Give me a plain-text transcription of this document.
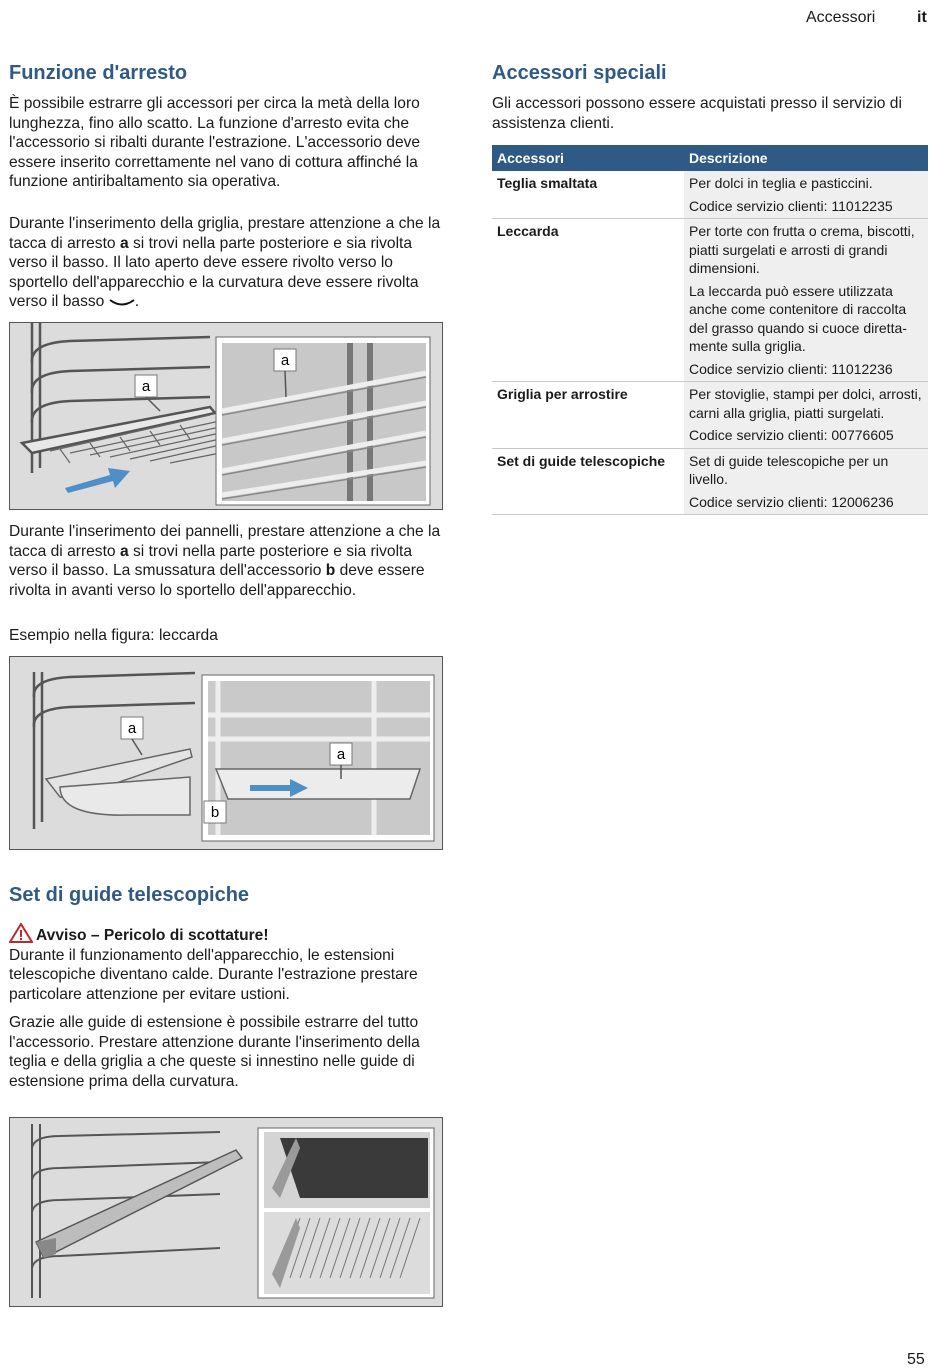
Accessori	it
Funzione d'arresto

È possibile estrarre gli accessori per circa la metà della loro lunghezza, fino allo scatto. La funzione d'arresto evita che l'accessorio si ribalti durante l'estrazione. L'accessorio deve essere inserito correttamente nel vano di cottura affinché la funzione antiribaltamento sia operativa.

Durante l'inserimento della griglia, prestare attenzione a che la tacca di arresto a si trovi nella parte posteriore e sia rivolta verso il basso. Il lato aperto deve essere rivolto verso lo sportello dell'apparecchio e la curvatura deve essere rivolta verso il basso .

a
a

Durante l'inserimento dei pannelli, prestare attenzione a che la tacca di arresto a si trovi nella parte posteriore e sia rivolta verso il basso. La smussatura dell'accessorio b deve essere rivolta in avanti verso lo sportello dell'apparecchio.

Esempio nella figura: leccarda

a
a
b
Set di guide telescopiche

Avviso – Pericolo di scottature!
Durante il funzionamento dell'apparecchio, le estensioni telescopiche diventano calde. Durante l'estrazione prestare particolare attenzione per evitare ustioni.

Grazie alle guide di estensione è possibile estrarre del tutto l'accessorio. Prestare attenzione durante l'inserimento della teglia e della griglia a che queste si innestino nelle guide di estensione prima della curvatura.

Accessori speciali

Gli accessori possono essere acquistati presso il servizio di assistenza clienti.

Accessori	Descrizione
Teglia smaltata	Per dolci in teglia e pasticcini.
Codice servizio clienti: 11012235

Leccarda	Per torte con frutta o crema, biscotti, piatti surgelati e arrosti di grandi dimensioni.
La leccarda può essere utilizzata anche come contenitore di raccolta del grasso quando si cuoce diretta-mente sulla griglia.
Codice servizio clienti: 11012236

Griglia per arrostire	Per stoviglie, stampi per dolci, arrosti, carni alla griglia, piatti surgelati.
Codice servizio clienti: 00776605

Set di guide telescopiche	Set di guide telescopiche per un livello.
Codice servizio clienti: 12006236
55
